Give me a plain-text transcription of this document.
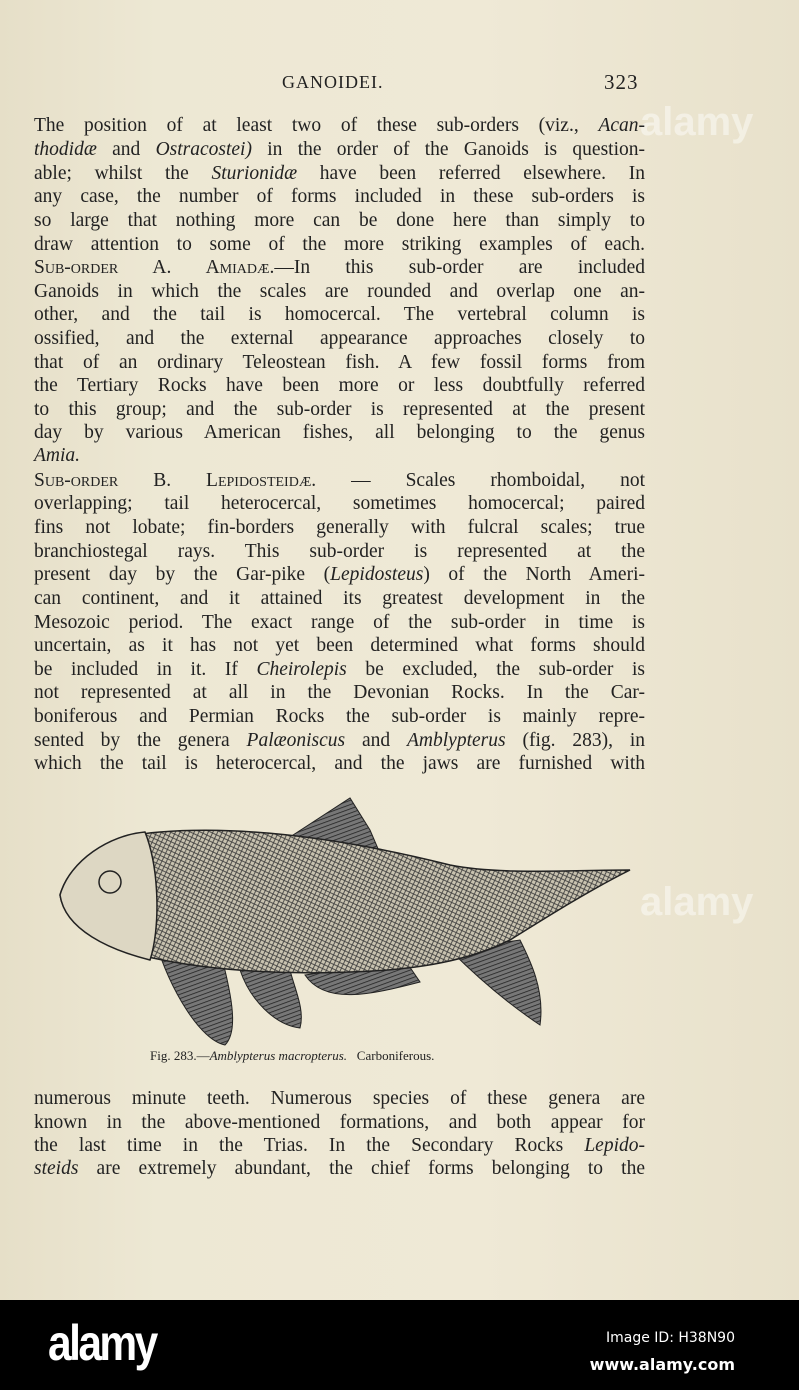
alamy
alamy
GANOIDEI.	323
The position of at least two of these sub-orders (viz., Acan-
thodidæ and Ostracostei) in the order of the Ganoids is question-
able; whilst the Sturionidæ have been referred elsewhere. In
any case, the number of forms included in these sub-orders is
so large that nothing more can be done here than simply to
draw attention to some of the more striking examples of each.
Sub-order A. Amiadæ.—In this sub-order are included
Ganoids in which the scales are rounded and overlap one an-
other, and the tail is homocercal. The vertebral column is
ossified, and the external appearance approaches closely to
that of an ordinary Teleostean fish. A few fossil forms from
the Tertiary Rocks have been more or less doubtfully referred
to this group; and the sub-order is represented at the present
day by various American fishes, all belonging to the genus
Amia.
Sub-order B. Lepidosteidæ. — Scales rhomboidal, not
overlapping; tail heterocercal, sometimes homocercal; paired
fins not lobate; fin-borders generally with fulcral scales; true
branchiostegal rays. This sub-order is represented at the
present day by the Gar-pike (Lepidosteus) of the North Ameri-
can continent, and it attained its greatest development in the
Mesozoic period. The exact range of the sub-order in time is
uncertain, as it has not yet been determined what forms should
be included in it. If Cheirolepis be excluded, the sub-order is
not represented at all in the Devonian Rocks. In the Car-
boniferous and Permian Rocks the sub-order is mainly repre-
sented by the genera Palæoniscus and Amblypterus (fig. 283), in
which the tail is heterocercal, and the jaws are furnished with
numerous minute teeth. Numerous species of these genera are
known in the above-mentioned formations, and both appear for
the last time in the Trias. In the Secondary Rocks Lepido-
steids are extremely abundant, the chief forms belonging to the
Fig. 283.—Amblypterus macropterus. Carboniferous.
alamy	Image ID: H38N90
www.alamy.com
